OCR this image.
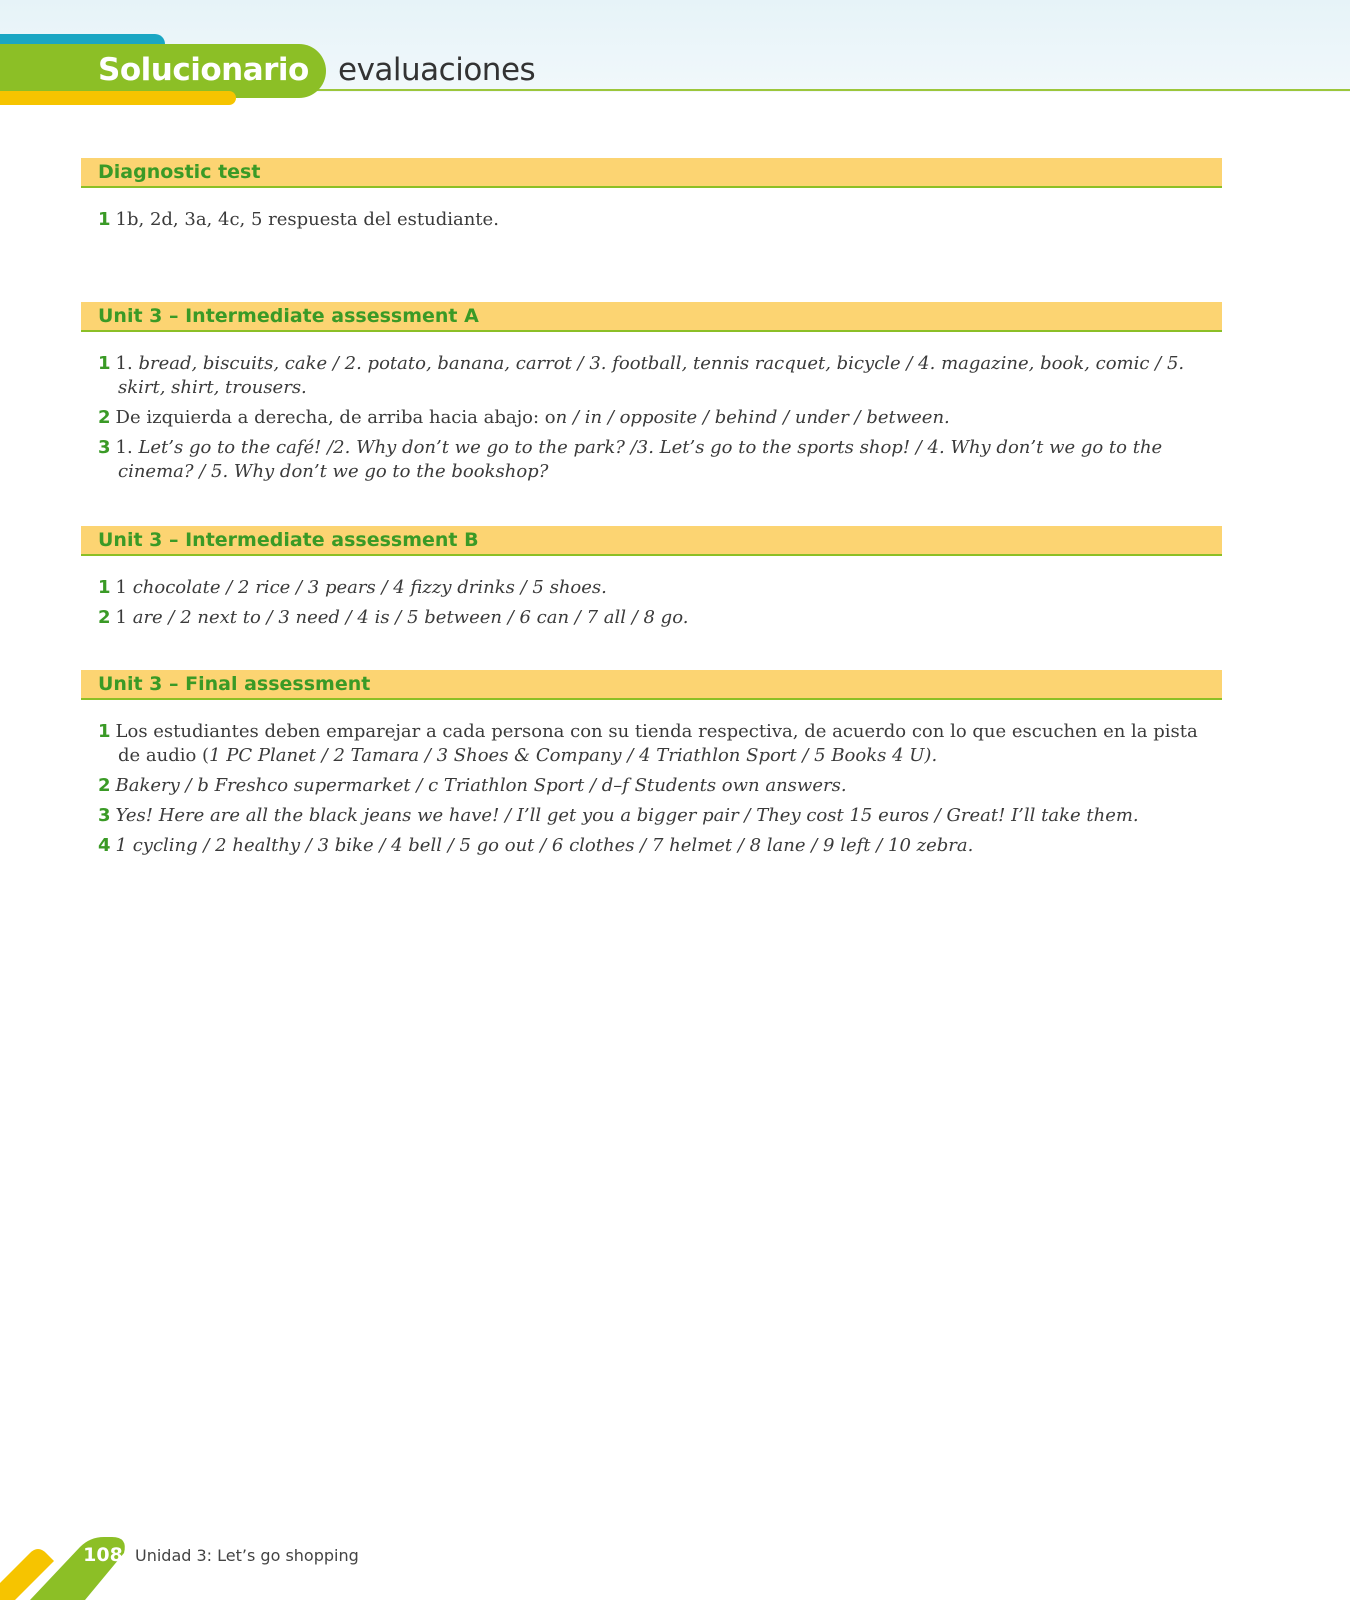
Solucionario evaluaciones
Diagnostic test
1 1b, 2d, 3a, 4c, 5 respuesta del estudiante.
Unit 3 – Intermediate assessment A
1 1. bread, biscuits, cake / 2. potato, banana, carrot / 3. football, tennis racquet, bicycle / 4. magazine, book, comic / 5. skirt, shirt, trousers.
2 De izquierda a derecha, de arriba hacia abajo: on / in / opposite / behind / under / between.
3 1. Let’s go to the café! /2. Why don’t we go to the park? /3. Let’s go to the sports shop! / 4. Why don’t we go to the cinema? / 5. Why don’t we go to the bookshop?
Unit 3 – Intermediate assessment B
1 1 chocolate / 2 rice / 3 pears / 4 fizzy drinks / 5 shoes.
2 1 are / 2 next to / 3 need / 4 is / 5 between / 6 can / 7 all / 8 go.
Unit 3 – Final assessment
1 Los estudiantes deben emparejar a cada persona con su tienda respectiva, de acuerdo con lo que escuchen en la pista de audio (1 PC Planet / 2 Tamara / 3 Shoes & Company / 4 Triathlon Sport / 5 Books 4 U).
2 Bakery / b Freshco supermarket / c Triathlon Sport / d–f Students own answers.
3 Yes! Here are all the black jeans we have! / I’ll get you a bigger pair / They cost 15 euros / Great! I’ll take them.
4 1 cycling / 2 healthy / 3 bike / 4 bell / 5 go out / 6 clothes / 7 helmet / 8 lane / 9 left / 10 zebra.
108 Unidad 3: Let’s go shopping
